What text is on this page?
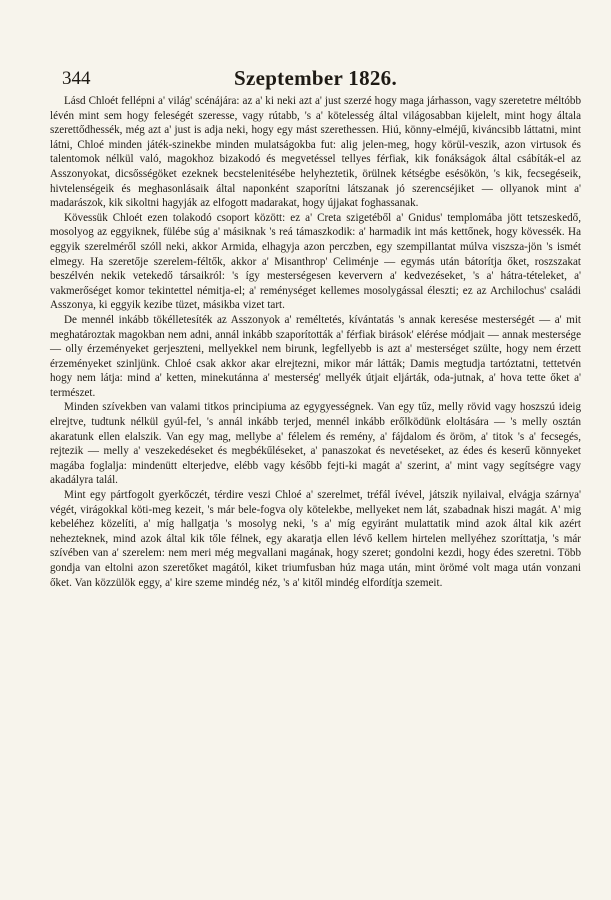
344	Szeptember 1826.

Lásd Chloét fellépni a' világ' scénájára: az a' ki neki azt a' just szerzé hogy maga járhasson, vagy szeretetre méltóbb lévén mint sem hogy feleségét szeresse, vagy rútabb, 's a' kötelesség által világosabban kijelelt, mint hogy általa szerettődhessék, még azt a' just is adja neki, hogy egy mást szerethessen. Hiú, könny-elméjű, kiváncsibb láttatni, mint látni, Chloé minden játék-szinekbe minden mulatságokba fut: alig jelen-meg, hogy körül-veszik, azon virtusok és talentomok nélkül való, magokhoz bizakodó és megvetéssel tellyes férfiak, kik fonákságok által csábíták-el az Asszonyokat, dicsősségöket ezeknek becstelenitésébe helyheztetik, örülnek kétségbe esésökön, 's kik, fecsegéseik, hivtelenségeik és meghasonlásaik által naponként szaporítni látszanak jó szerencséjiket — ollyanok mint a' madarászok, kik sikoltni hagyják az elfogott madarakat, hogy újjakat foghassanak.

Kövessük Chloét ezen tolakodó csoport között: ez a' Creta szigetéből a' Gnidus' templomába jött tetszeskedő, mosolyog az eggyiknek, fülébe súg a' másiknak 's reá támaszkodik: a' harmadik int más kettőnek, hogy kövessék. Ha eggyik szerelméről szóll neki, akkor Armida, elhagyja azon perczben, egy szempillantat múlva viszsza-jön 's ismét elmegy. Ha szeretője szerelem-féltők, akkor a' Misanthrop' Celiménje — egymás után bátorítja őket, roszszakat beszélvén nekik vetekedő társaikról: 's így mesterségesen keververn a' kedvezéseket, 's a' hátra-tételeket, a' vakmerőséget komor tekintettel némitja-el; a' reménységet kellemes mosolygással éleszti; ez az Archilochus' családi Asszonya, ki eggyik kezibe tüzet, másikba vizet tart.

De mennél inkább tökélletesíték az Asszonyok a' reméltetés, kívántatás 's annak keresése mesterségét — a' mit meghatároztak magokban nem adni, annál inkább szaporították a' férfiak birások' elérése módjait — annak mestersége — olly érzeményeket gerjeszteni, mellyekkel nem birunk, legfellyebb is azt a' mesterséget szülte, hogy nem érzett érzeményeket szinljünk. Chloé csak akkor akar elrejtezni, mikor már látták; Damis megtudja tartóztatni, tettetvén hogy nem látja: mind a' ketten, minekutánna a' mesterség' mellyék útjait eljárták, oda-jutnak, a' hova tette őket a' természet.

Minden szívekben van valami titkos principiuma az egygyességnek. Van egy tűz, melly rövid vagy hoszszú ideig elrejtve, tudtunk nélkül gyúl-fel, 's annál inkább terjed, mennél inkább erőlködünk eloltására — 's melly osztán akaratunk ellen elalszik. Van egy mag, mellybe a' félelem és remény, a' fájdalom és öröm, a' titok 's a' fecsegés, rejtezik — melly a' veszekedéseket és megbékűléseket, a' panaszokat és nevetéseket, az édes és keserű könnyeket magába foglalja: mindenütt elterjedve, elébb vagy később fejti-ki magát a' szerint, a' mint vagy segítségre vagy akadályra talál.

Mint egy pártfogolt gyerkőczét, térdire veszi Chloé a' szerelmet, tréfál ívével, játszik nyilaival, elvágja szárnya' végét, virágokkal köti-meg kezeit, 's már bele-fogva oly kötelekbe, mellyeket nem lát, szabadnak hiszi magát. A' mig kebeléhez közelíti, a' míg hallgatja 's mosolyg neki, 's a' míg egyiránt mulattatik mind azok által kik azért nehezteknek, mind azok által kik tőle félnek, egy akaratja ellen lévő kellem hirtelen mellyéhez szoríttatja, 's már szívében van a' szerelem: nem meri még megvallani magának, hogy szeret; gondolni kezdi, hogy édes szeretni. Több gondja van eltolni azon szeretőket magától, kiket triumfusban húz maga után, mint örömé volt maga után vonzani őket. Van közzülök eggy, a' kire szeme mindég néz, 's a' kitől mindég elfordítja szemeit.
